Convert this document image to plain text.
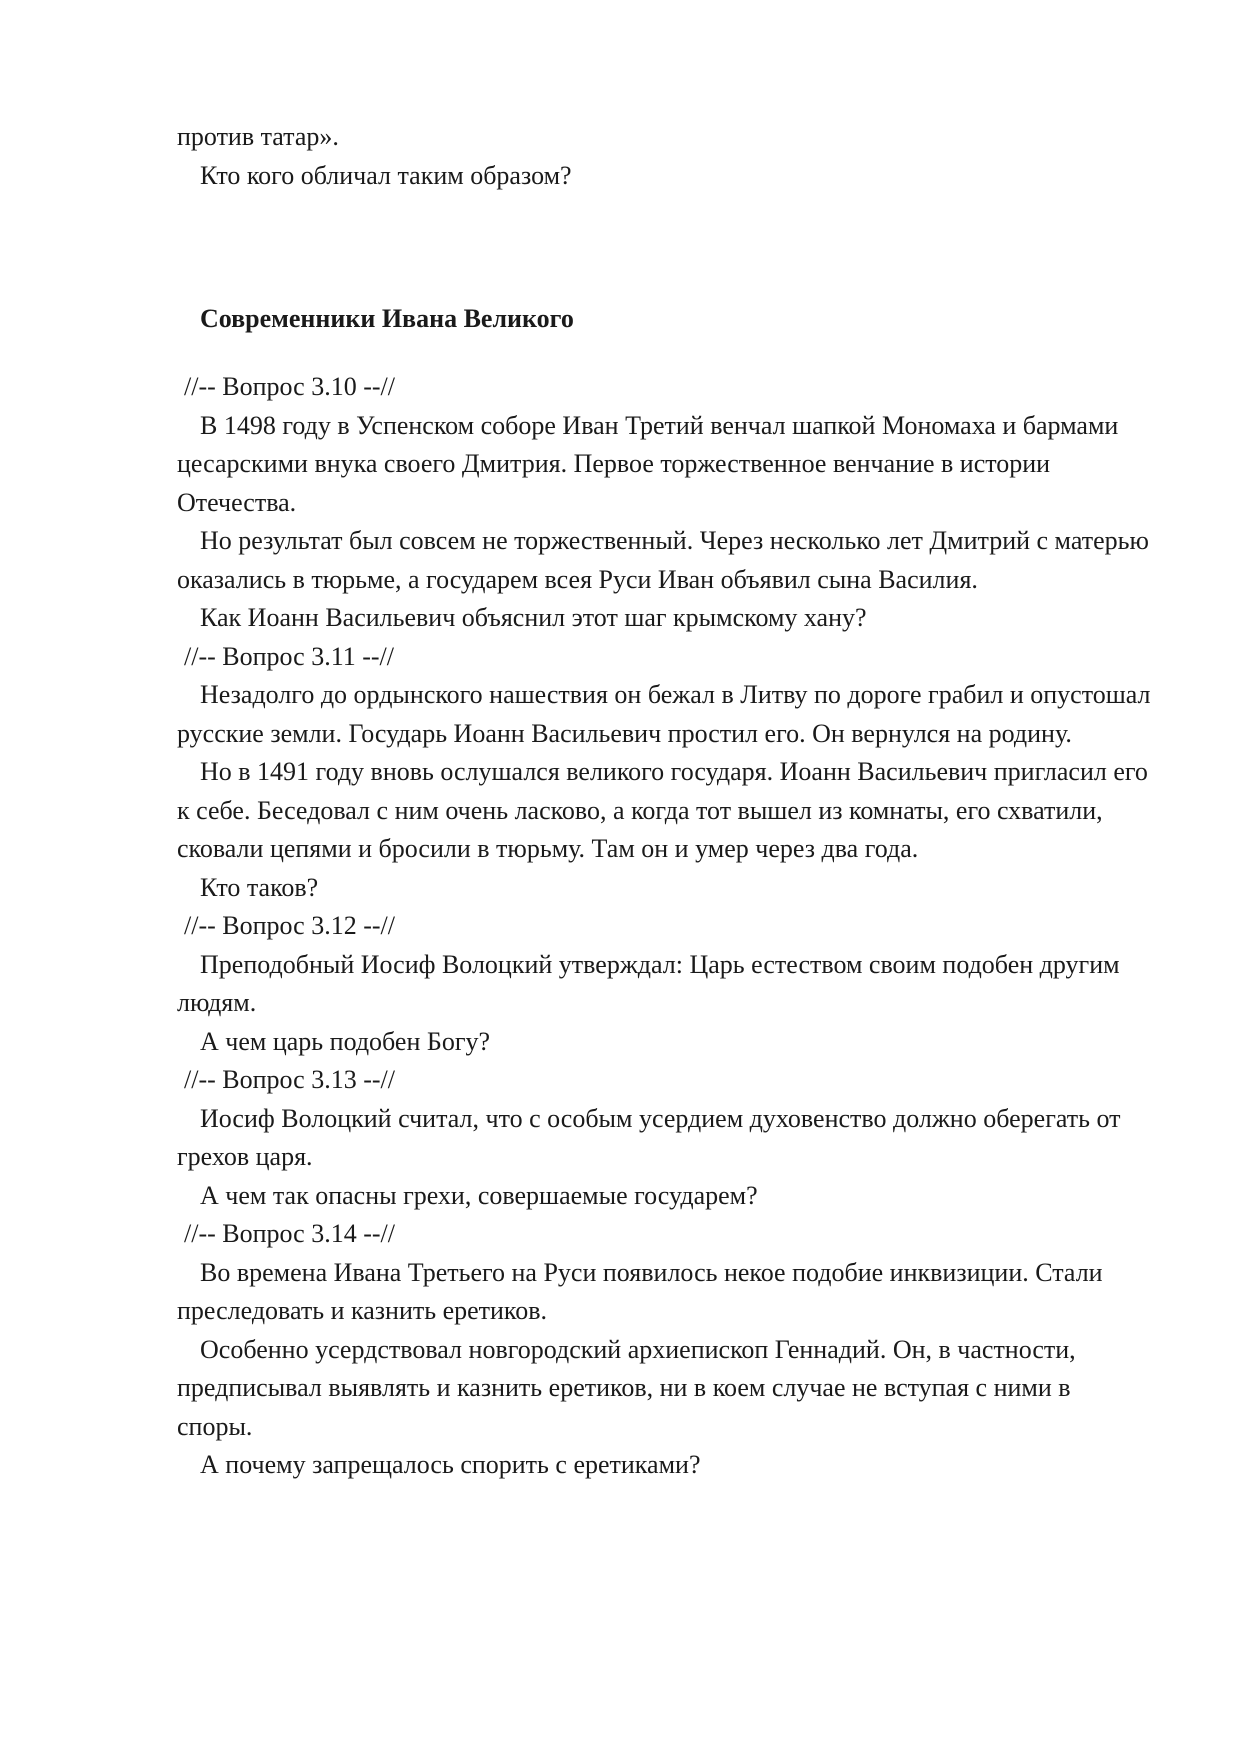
против татар».

Кто кого обличал таким образом?

Современники Ивана Великого

//-- Вопрос 3.10 --//

В 1498 году в Успенском соборе Иван Третий венчал шапкой Мономаха и бармами цесарскими внука своего Дмитрия. Первое торжественное венчание в истории Отечества.

Но результат был совсем не торжественный. Через несколько лет Дмитрий с матерью оказались в тюрьме, а государем всея Руси Иван объявил сына Василия.

Как Иоанн Васильевич объяснил этот шаг крымскому хану?

//-- Вопрос 3.11 --//

Незадолго до ордынского нашествия он бежал в Литву по дороге грабил и опустошал русские земли. Государь Иоанн Васильевич простил его. Он вернулся на родину.

Но в 1491 году вновь ослушался великого государя. Иоанн Васильевич пригласил его к себе. Беседовал с ним очень ласково, а когда тот вышел из комнаты, его схватили, сковали цепями и бросили в тюрьму. Там он и умер через два года.

Кто таков?

//-- Вопрос 3.12 --//

Преподобный Иосиф Волоцкий утверждал: Царь естеством своим подобен другим людям.

А чем царь подобен Богу?

//-- Вопрос 3.13 --//

Иосиф Волоцкий считал, что с особым усердием духовенство должно оберегать от грехов царя.

А чем так опасны грехи, совершаемые государем?

//-- Вопрос 3.14 --//

Во времена Ивана Третьего на Руси появилось некое подобие инквизиции. Стали преследовать и казнить еретиков.

Особенно усердствовал новгородский архиепископ Геннадий. Он, в частности, предписывал выявлять и казнить еретиков, ни в коем случае не вступая с ними в споры.

А почему запрещалось спорить с еретиками?
